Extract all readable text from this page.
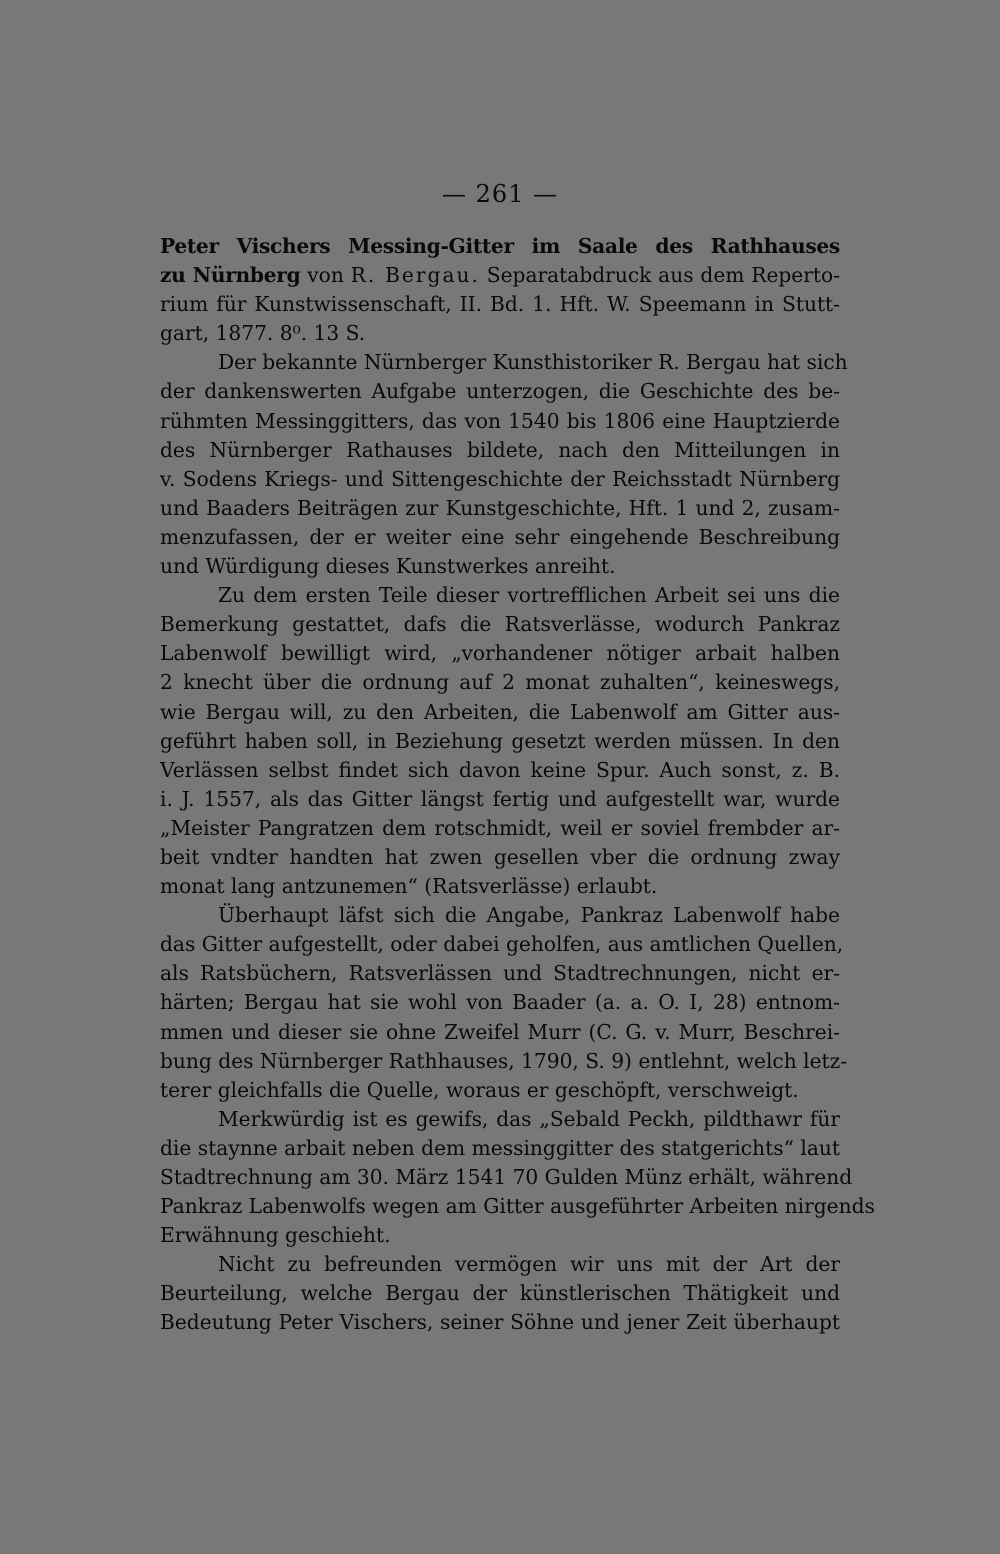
— 261 —
Peter Vischers Messing-Gitter im Saale des Rathhauses
zu Nürnberg von R. Bergau. Separatabdruck aus dem Reperto-
rium für Kunstwissenschaft, II. Bd. 1. Hft. W. Speemann in Stutt-
gart, 1877. 8⁰. 13 S.
Der bekannte Nürnberger Kunsthistoriker R. Bergau hat sich
der dankenswerten Aufgabe unterzogen, die Geschichte des be-
rühmten Messinggitters, das von 1540 bis 1806 eine Hauptzierde
des Nürnberger Rathauses bildete, nach den Mitteilungen in
v. Sodens Kriegs- und Sittengeschichte der Reichsstadt Nürnberg
und Baaders Beiträgen zur Kunstgeschichte, Hft. 1 und 2, zusam-
menzufassen, der er weiter eine sehr eingehende Beschreibung
und Würdigung dieses Kunstwerkes anreiht.
Zu dem ersten Teile dieser vortrefflichen Arbeit sei uns die
Bemerkung gestattet, dafs die Ratsverlässe, wodurch Pankraz
Labenwolf bewilligt wird, „vorhandener nötiger arbait halben
2 knecht über die ordnung auf 2 monat zuhalten“, keineswegs,
wie Bergau will, zu den Arbeiten, die Labenwolf am Gitter aus-
geführt haben soll, in Beziehung gesetzt werden müssen. In den
Verlässen selbst findet sich davon keine Spur. Auch sonst, z. B.
i. J. 1557, als das Gitter längst fertig und aufgestellt war, wurde
„Meister Pangratzen dem rotschmidt, weil er soviel frembder ar-
beit vndter handten hat zwen gesellen vber die ordnung zway
monat lang antzunemen“ (Ratsverlässe) erlaubt.
Überhaupt läfst sich die Angabe, Pankraz Labenwolf habe
das Gitter aufgestellt, oder dabei geholfen, aus amtlichen Quellen,
als Ratsbüchern, Ratsverlässen und Stadtrechnungen, nicht er-
härten; Bergau hat sie wohl von Baader (a. a. O. I, 28) entnom-
mmen und dieser sie ohne Zweifel Murr (C. G. v. Murr, Beschrei-
bung des Nürnberger Rathhauses, 1790, S. 9) entlehnt, welch letz-
terer gleichfalls die Quelle, woraus er geschöpft, verschweigt.
Merkwürdig ist es gewifs, das „Sebald Peckh, pildthawr für
die staynne arbait neben dem messinggitter des statgerichts“ laut
Stadtrechnung am 30. März 1541 70 Gulden Münz erhält, während
Pankraz Labenwolfs wegen am Gitter ausgeführter Arbeiten nirgends
Erwähnung geschieht.
Nicht zu befreunden vermögen wir uns mit der Art der
Beurteilung, welche Bergau der künstlerischen Thätigkeit und
Bedeutung Peter Vischers, seiner Söhne und jener Zeit überhaupt
